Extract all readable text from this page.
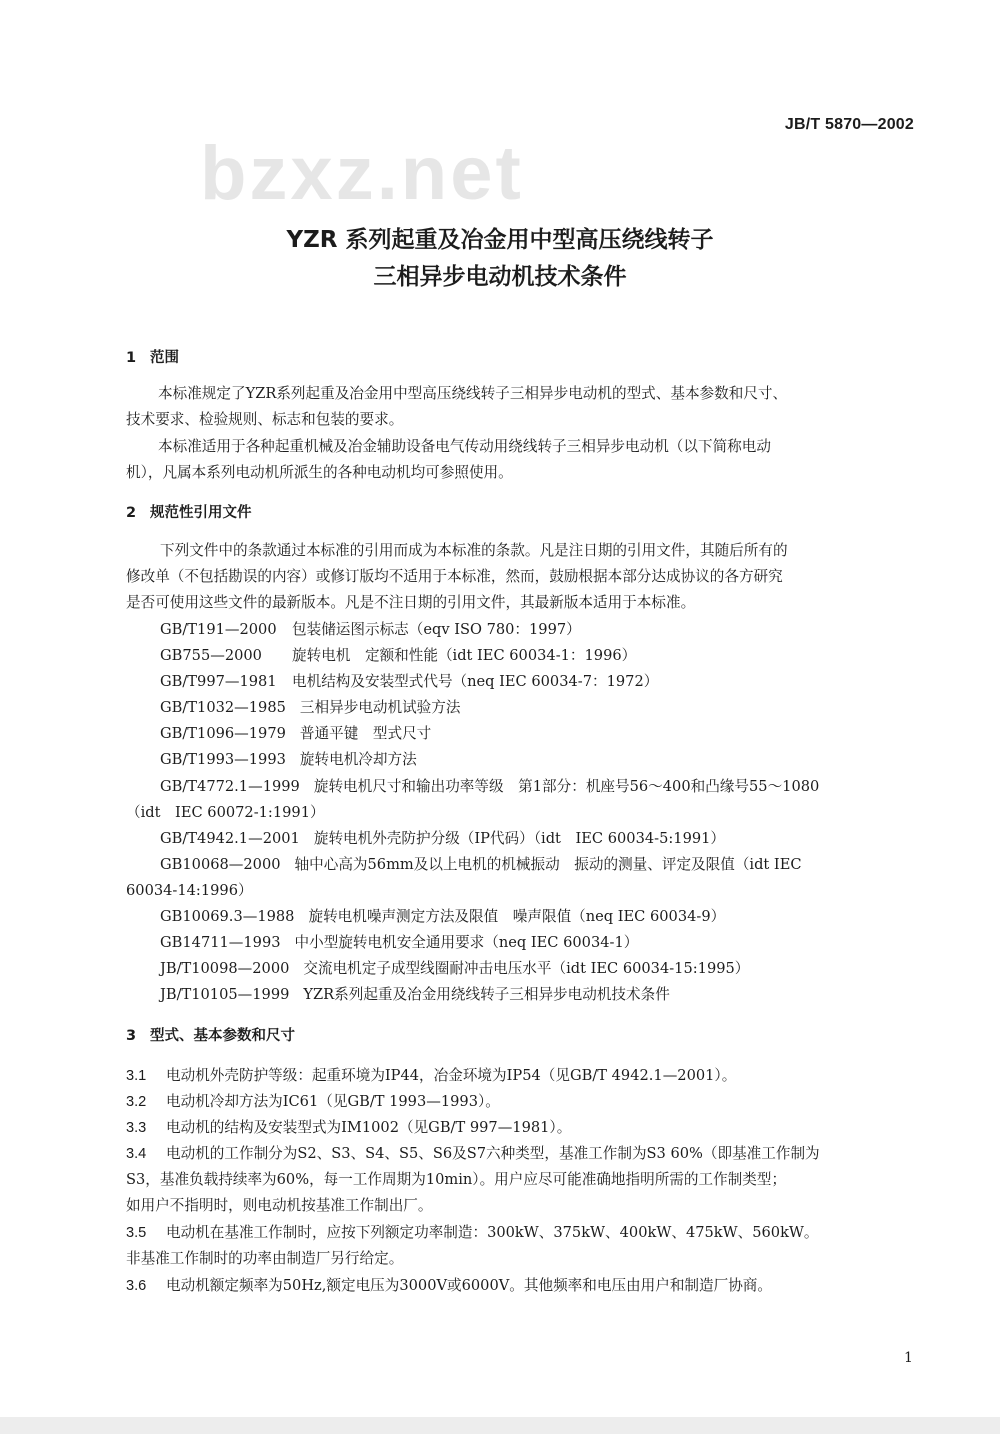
bzxz.net
JB/T 5870—2002
YZR 系列起重及冶金用中型高压绕线转子
三相异步电动机技术条件
1 范围
本标准规定了YZR系列起重及冶金用中型高压绕线转子三相异步电动机的型式、基本参数和尺寸、
技术要求、检验规则、标志和包装的要求。
本标准适用于各种起重机械及冶金辅助设备电气传动用绕线转子三相异步电动机（以下简称电动
机），凡属本系列电动机所派生的各种电动机均可参照使用。
2 规范性引用文件
下列文件中的条款通过本标准的引用而成为本标准的条款。凡是注日期的引用文件，其随后所有的
修改单（不包括勘误的内容）或修订版均不适用于本标准，然而，鼓励根据本部分达成协议的各方研究
是否可使用这些文件的最新版本。凡是不注日期的引用文件，其最新版本适用于本标准。
GB/T191—2000 包装储运图示标志（eqv ISO 780：1997）
GB755—2000 旋转电机　定额和性能（idt IEC 60034-1：1996）
GB/T997—1981 电机结构及安装型式代号（neq IEC 60034-7：1972）
GB/T1032—1985 三相异步电动机试验方法
GB/T1096—1979 普通平键　型式尺寸
GB/T1993—1993 旋转电机冷却方法
GB/T4772.1—1999 旋转电机尺寸和输出功率等级　第1部分：机座号56～400和凸缘号55～1080
（idt　IEC 60072-1:1991）
GB/T4942.1—2001 旋转电机外壳防护分级（IP代码）（idt　IEC 60034-5:1991）
GB10068—2000 轴中心高为56mm及以上电机的机械振动　振动的测量、评定及限值（idt IEC
60034-14:1996）
GB10069.3—1988 旋转电机噪声测定方法及限值　噪声限值（neq IEC 60034-9）
GB14711—1993 中小型旋转电机安全通用要求（neq IEC 60034-1）
JB/T10098—2000 交流电机定子成型线圈耐冲击电压水平（idt IEC 60034-15:1995）
JB/T10105—1999 YZR系列起重及冶金用绕线转子三相异步电动机技术条件
3 型式、基本参数和尺寸
3.1 电动机外壳防护等级：起重环境为IP44，冶金环境为IP54（见GB/T 4942.1—2001）。
3.2 电动机冷却方法为IC61（见GB/T 1993—1993）。
3.3 电动机的结构及安装型式为IM1002（见GB/T 997—1981）。
3.4 电动机的工作制分为S2、S3、S4、S5、S6及S7六种类型，基准工作制为S3 60%（即基准工作制为
S3，基准负载持续率为60%，每一工作周期为10min）。用户应尽可能准确地指明所需的工作制类型；
如用户不指明时，则电动机按基准工作制出厂。
3.5 电动机在基准工作制时，应按下列额定功率制造：300kW、375kW、400kW、475kW、560kW。
非基准工作制时的功率由制造厂另行给定。
3.6 电动机额定频率为50Hz,额定电压为3000V或6000V。其他频率和电压由用户和制造厂协商。
1
